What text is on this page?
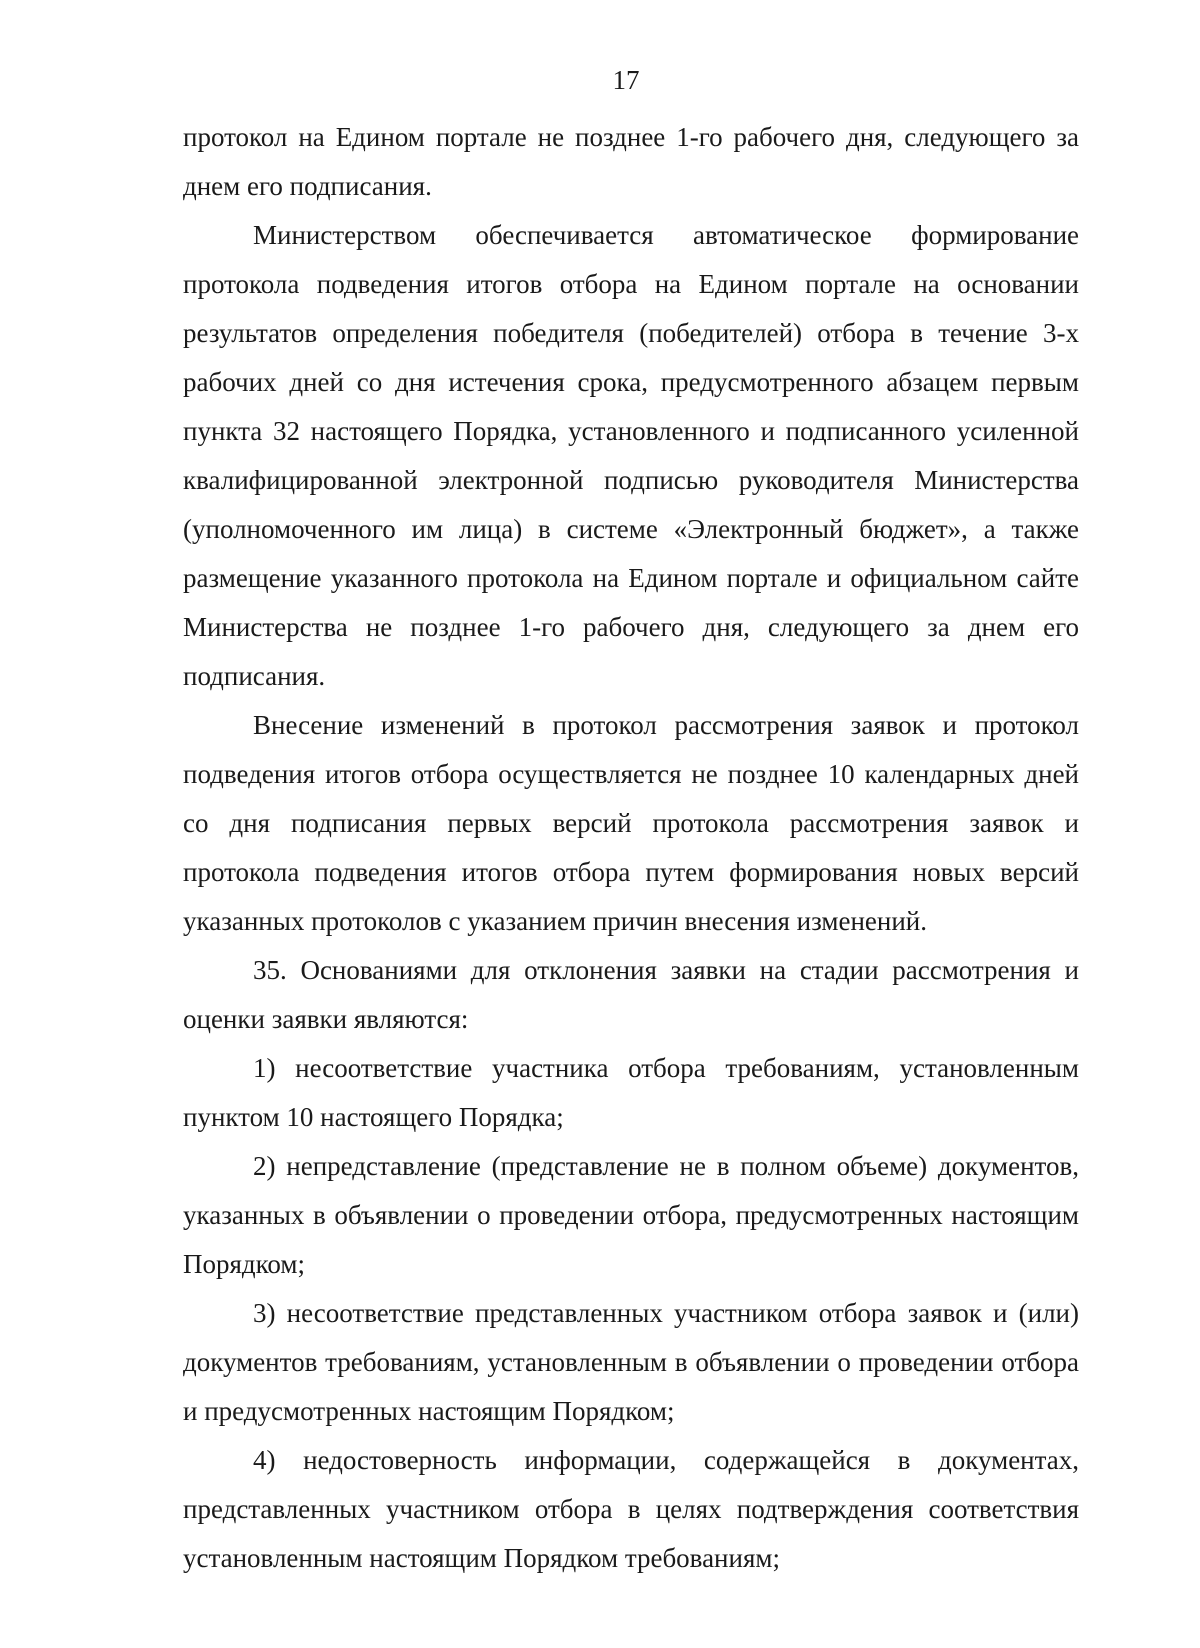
17

протокол на Едином портале не позднее 1-го рабочего дня, следующего за днем его подписания.

Министерством обеспечивается автоматическое формирование протокола подведения итогов отбора на Едином портале на основании результатов определения победителя (победителей) отбора в течение 3-х рабочих дней со дня истечения срока, предусмотренного абзацем первым пункта 32 настоящего Порядка, установленного и подписанного усиленной квалифицированной электронной подписью руководителя Министерства (уполномоченного им лица) в системе «Электронный бюджет», а также размещение указанного протокола на Едином портале и официальном сайте Министерства не позднее 1-го рабочего дня, следующего за днем его подписания.

Внесение изменений в протокол рассмотрения заявок и протокол подведения итогов отбора осуществляется не позднее 10 календарных дней со дня подписания первых версий протокола рассмотрения заявок и протокола подведения итогов отбора путем формирования новых версий указанных протоколов с указанием причин внесения изменений.

35. Основаниями для отклонения заявки на стадии рассмотрения и оценки заявки являются:

1) несоответствие участника отбора требованиям, установленным пунктом 10 настоящего Порядка;

2) непредставление (представление не в полном объеме) документов, указанных в объявлении о проведении отбора, предусмотренных настоящим Порядком;

3) несоответствие представленных участником отбора заявок и (или) документов требованиям, установленным в объявлении о проведении отбора и предусмотренных настоящим Порядком;

4) недостоверность информации, содержащейся в документах, представленных участником отбора в целях подтверждения соответствия установленным настоящим Порядком требованиям;
